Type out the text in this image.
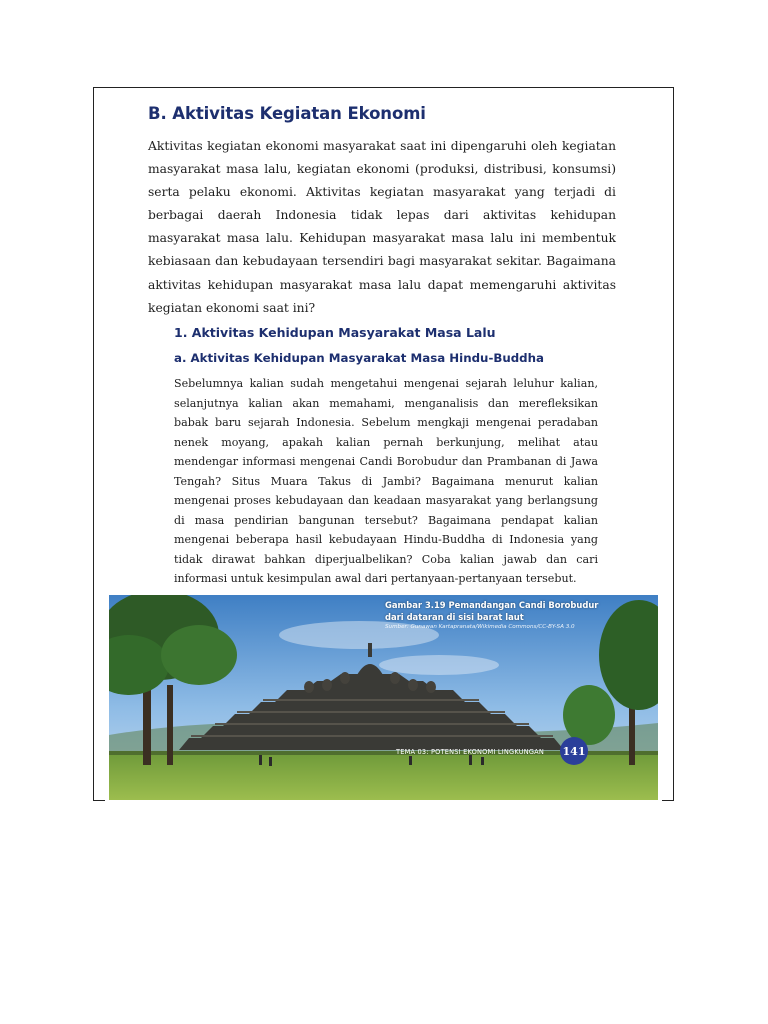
B. Aktivitas Kegiatan Ekonomi

Aktivitas kegiatan ekonomi masyarakat saat ini dipengaruhi oleh kegiatan masyarakat masa lalu, kegiatan ekonomi (produksi, distribusi, konsumsi) serta pelaku ekonomi. Aktivitas kegiatan masyarakat yang terjadi di berbagai daerah Indonesia tidak lepas dari aktivitas kehidupan masyarakat masa lalu. Kehidupan masyarakat masa lalu ini membentuk kebiasaan dan kebudayaan tersendiri bagi masyarakat sekitar. Bagaimana aktivitas kehidupan masyarakat masa lalu dapat memengaruhi aktivitas kegiatan ekonomi saat ini?

1. Aktivitas Kehidupan Masyarakat Masa Lalu
a. Aktivitas Kehidupan Masyarakat Masa Hindu-Buddha

Sebelumnya kalian sudah mengetahui mengenai sejarah leluhur kalian, selanjutnya kalian akan memahami, menganalisis dan merefleksikan babak baru sejarah Indonesia. Sebelum mengkaji mengenai peradaban nenek moyang, apakah kalian pernah berkunjung, melihat atau mendengar informasi mengenai Candi Borobudur dan Prambanan di Jawa Tengah? Situs Muara Takus di Jambi? Bagaimana menurut kalian mengenai proses kebudayaan dan keadaan masyarakat yang berlangsung di masa pendirian bangunan tersebut? Bagaimana pendapat kalian mengenai beberapa hasil kebudayaan Hindu-Buddha di Indonesia yang tidak dirawat bahkan diperjualbelikan? Coba kalian jawab dan cari informasi untuk kesimpulan awal dari pertanyaan-pertanyaan tersebut.

Gambar 3.19 Pemandangan Candi Borobudur

dari dataran di sisi barat laut

Sumber: Gunawan Kartapranata/Wikimedia Commons/CC-BY-SA 3.0

TEMA 03: POTENSI EKONOMI LINGKUNGAN 141
